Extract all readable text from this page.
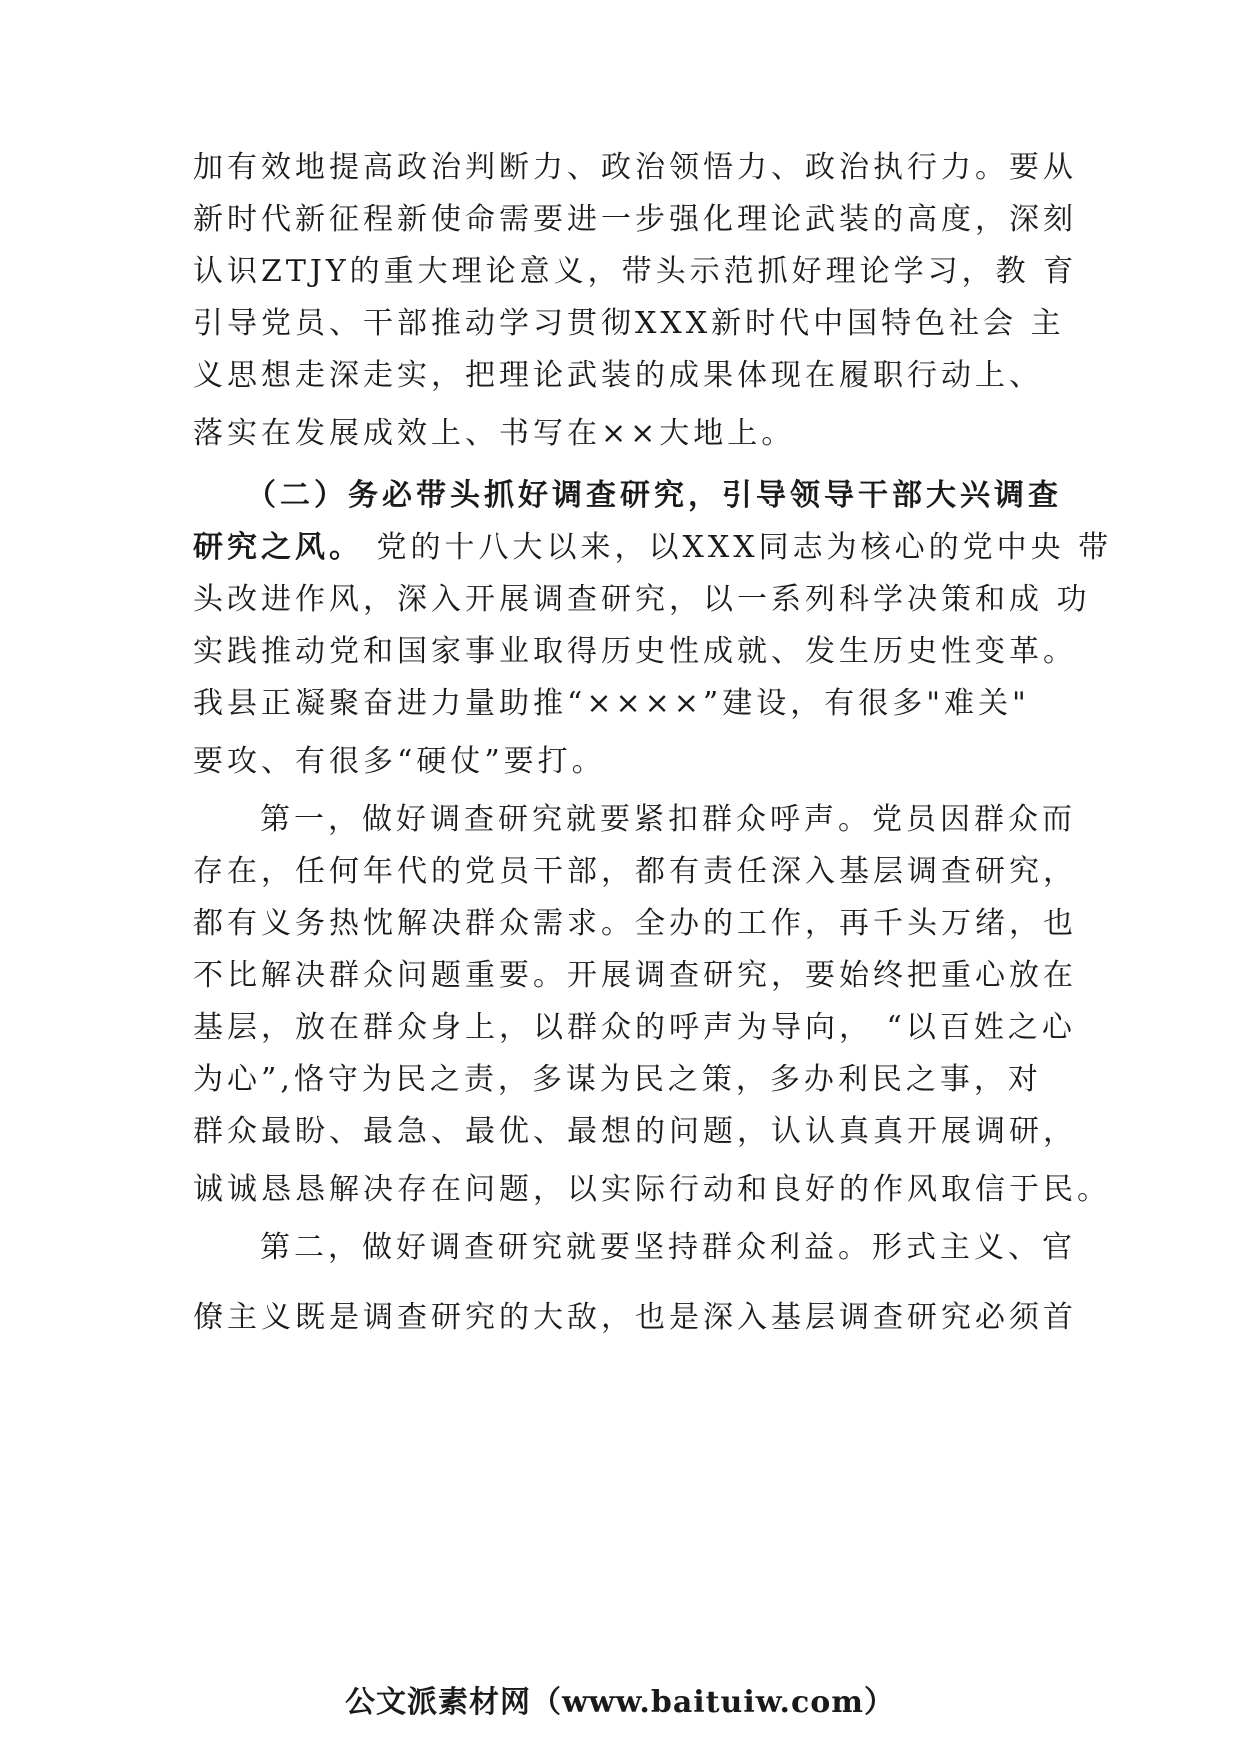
加有效地提高政治判断力、政治领悟力、政治执行力。要从
新时代新征程新使命需要进一步强化理论武装的高度，深刻
认识ZTJY的重大理论意义，带头示范抓好理论学习，教 育
引导党员、干部推动学习贯彻XXX新时代中国特色社会 主
义思想走深走实，把理论武装的成果体现在履职行动上、
落实在发展成效上、书写在××大地上。
（二）务必带头抓好调查研究，引导领导干部大兴调查
研究之风。 党的十八大以来，以XXX同志为核心的党中央 带
头改进作风，深入开展调查研究，以一系列科学决策和成 功
实践推动党和国家事业取得历史性成就、发生历史性变革。
我县正凝聚奋进力量助推“××××”建设，有很多"难关"
要攻、有很多“硬仗”要打。
第一，做好调查研究就要紧扣群众呼声。党员因群众而
存在，任何年代的党员干部，都有责任深入基层调查研究，
都有义务热忱解决群众需求。全办的工作，再千头万绪，也
不比解决群众问题重要。开展调查研究，要始终把重心放在
基层，放在群众身上，以群众的呼声为导向， “以百姓之心
为心”,恪守为民之责，多谋为民之策，多办利民之事，对
群众最盼、最急、最优、最想的问题，认认真真开展调研，
诚诚恳恳解决存在问题，以实际行动和良好的作风取信于民。
第二，做好调查研究就要坚持群众利益。形式主义、官
僚主义既是调查研究的大敌，也是深入基层调查研究必须首
公文派素材网（www.baituiw.com）
